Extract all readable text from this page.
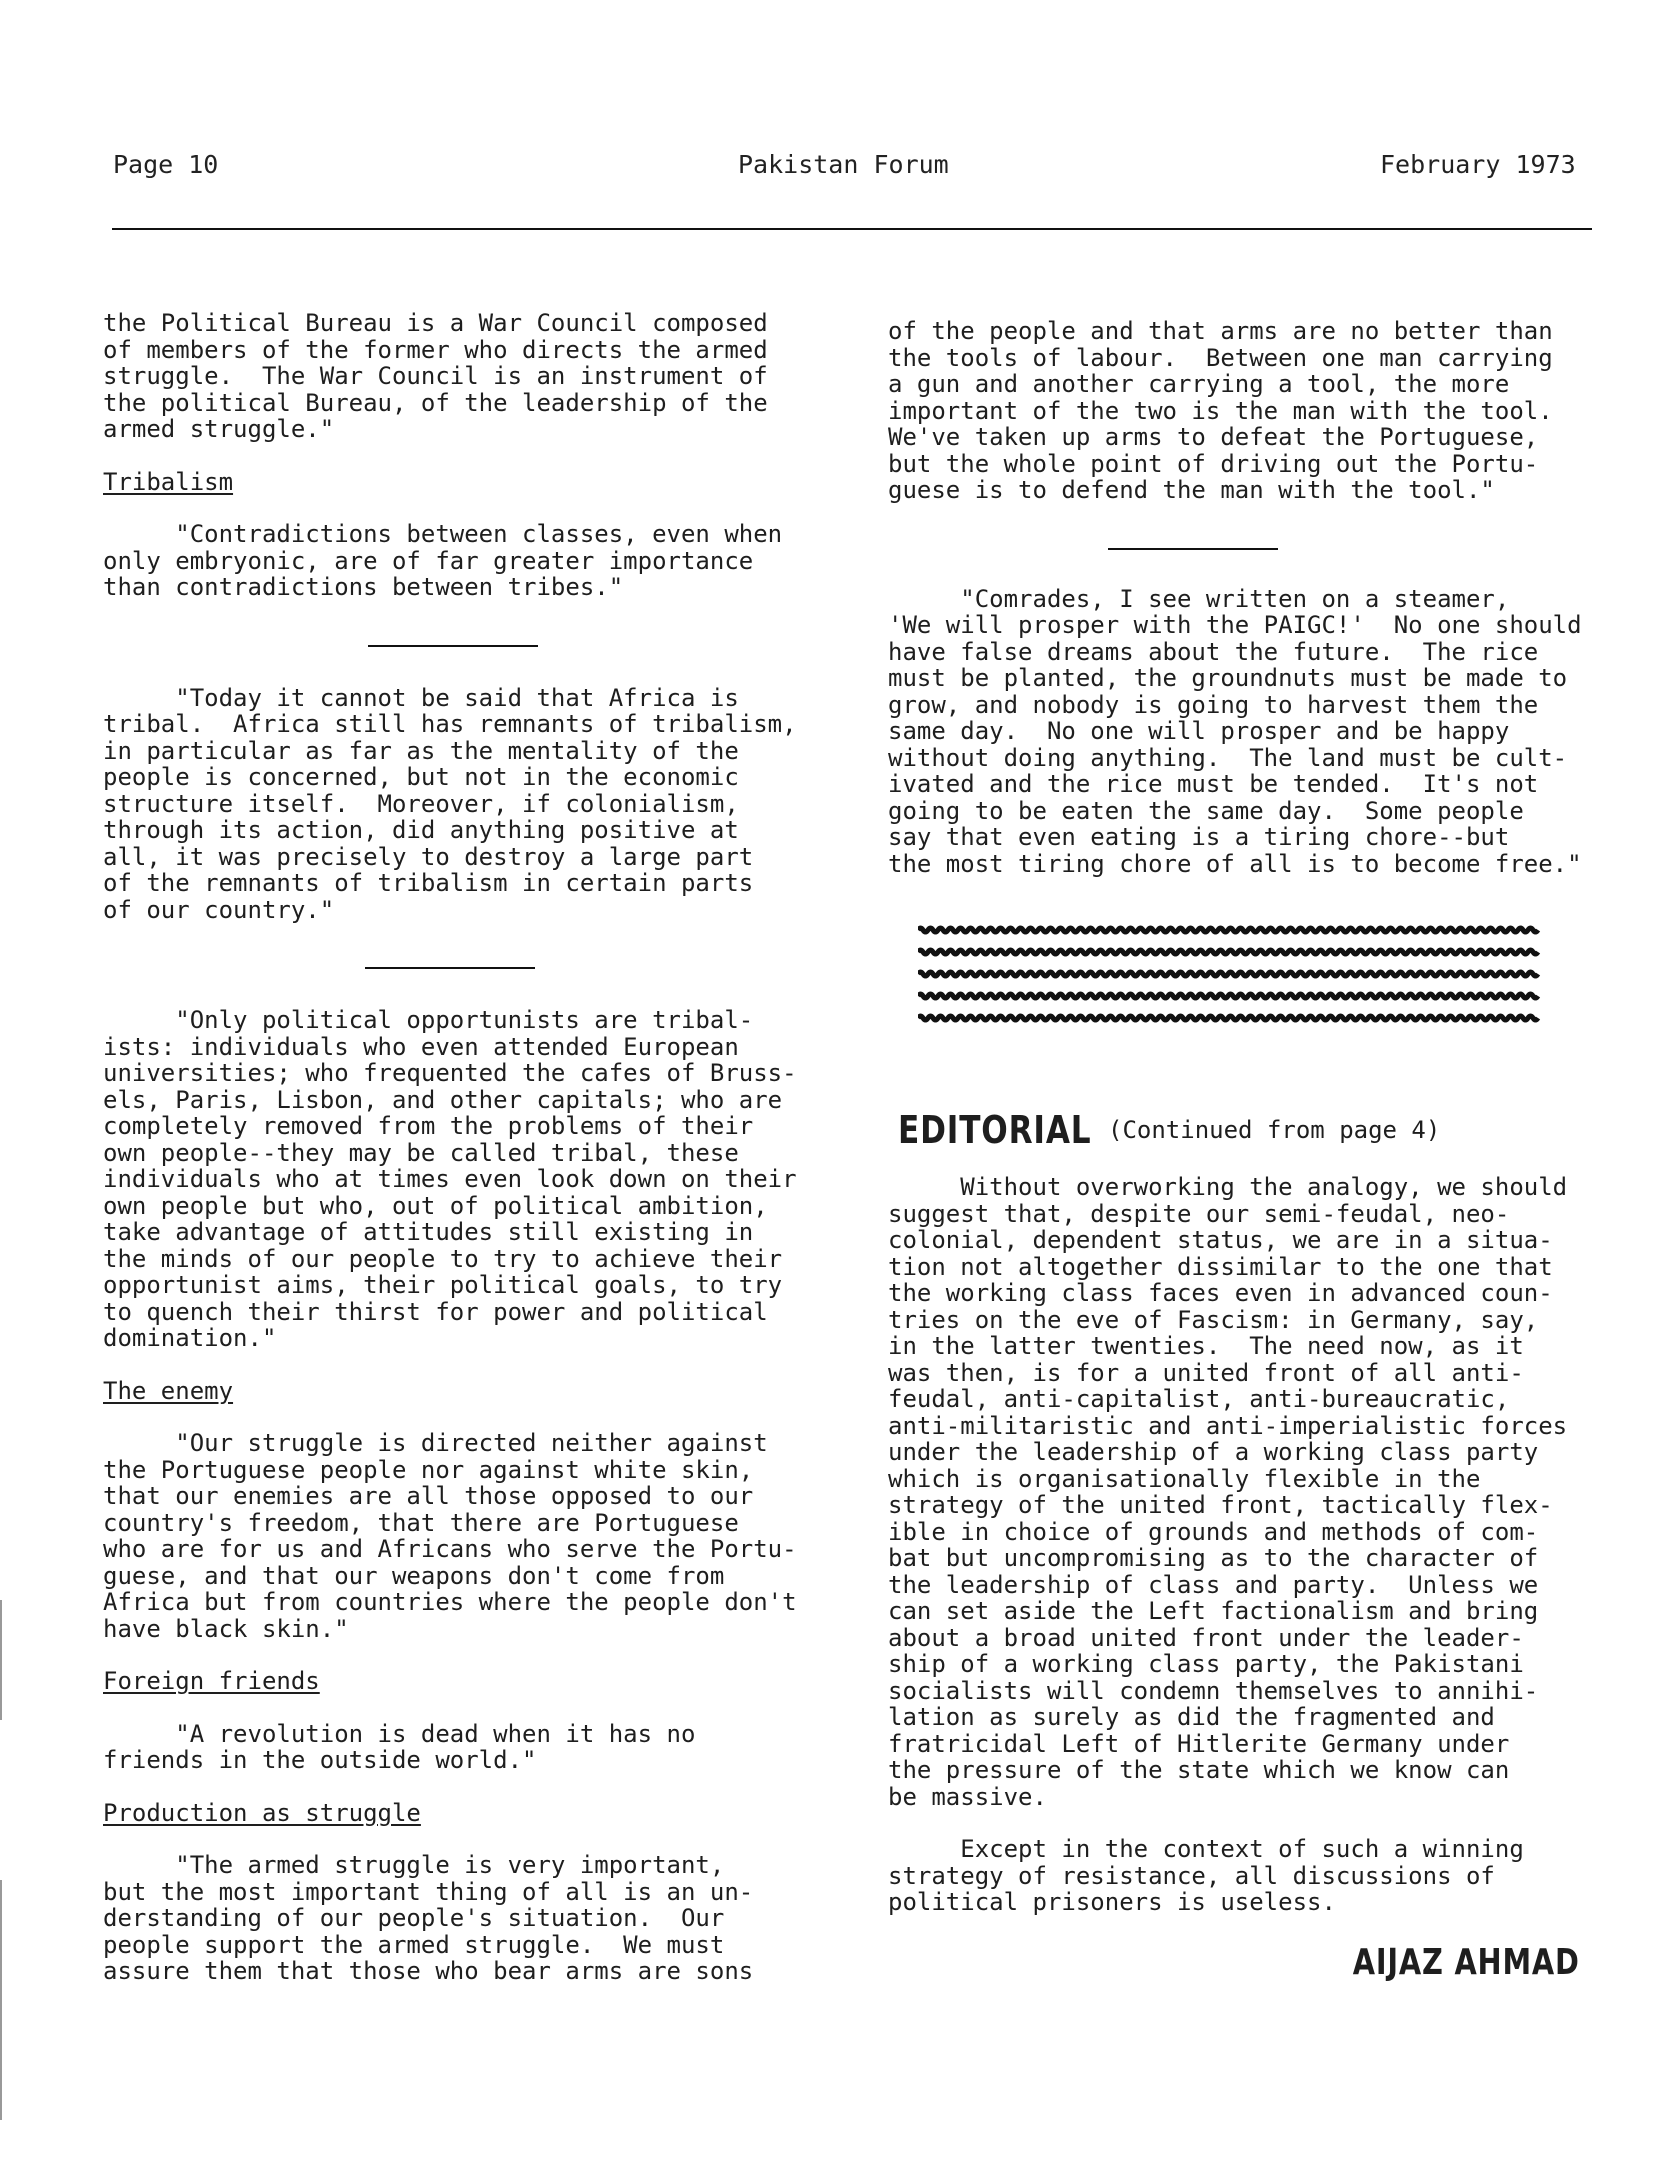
Page 10	Pakistan Forum	February 1973

the Political Bureau is a War Council composed

of members of the former who directs the armed

struggle.  The War Council is an instrument of

the political Bureau, of the leadership of the

armed struggle."

Tribalism

"Contradictions between classes, even when

only embryonic, are of far greater importance

than contradictions between tribes."

"Today it cannot be said that Africa is

tribal.  Africa still has remnants of tribalism,

in particular as far as the mentality of the

people is concerned, but not in the economic

structure itself.  Moreover, if colonialism,

through its action, did anything positive at

all, it was precisely to destroy a large part

of the remnants of tribalism in certain parts

of our country."

"Only political opportunists are tribal-

ists: individuals who even attended European

universities; who frequented the cafes of Bruss-

els, Paris, Lisbon, and other capitals; who are

completely removed from the problems of their

own people--they may be called tribal, these

individuals who at times even look down on their

own people but who, out of political ambition,

take advantage of attitudes still existing in

the minds of our people to try to achieve their

opportunist aims, their political goals, to try

to quench their thirst for power and political

domination."

The enemy

"Our struggle is directed neither against

the Portuguese people nor against white skin,

that our enemies are all those opposed to our

country's freedom, that there are Portuguese

who are for us and Africans who serve the Portu-

guese, and that our weapons don't come from

Africa but from countries where the people don't

have black skin."

Foreign friends

"A revolution is dead when it has no

friends in the outside world."

Production as struggle

"The armed struggle is very important,

but the most important thing of all is an un-

derstanding of our people's situation.  Our

people support the armed struggle.  We must

assure them that those who bear arms are sons

of the people and that arms are no better than

the tools of labour.  Between one man carrying

a gun and another carrying a tool, the more

important of the two is the man with the tool.

We've taken up arms to defeat the Portuguese,

but the whole point of driving out the Portu-

guese is to defend the man with the tool."

"Comrades, I see written on a steamer,

'We will prosper with the PAIGC!'  No one should

have false dreams about the future.  The rice

must be planted, the groundnuts must be made to

grow, and nobody is going to harvest them the

same day.  No one will prosper and be happy

without doing anything.  The land must be cult-

ivated and the rice must be tended.  It's not

going to be eaten the same day.  Some people

say that even eating is a tiring chore--but

the most tiring chore of all is to become free."

EDITORIAL (Continued from page 4)

Without overworking the analogy, we should

suggest that, despite our semi-feudal, neo-

colonial, dependent status, we are in a situa-

tion not altogether dissimilar to the one that

the working class faces even in advanced coun-

tries on the eve of Fascism: in Germany, say,

in the latter twenties.  The need now, as it

was then, is for a united front of all anti-

feudal, anti-capitalist, anti-bureaucratic,

anti-militaristic and anti-imperialistic forces

under the leadership of a working class party

which is organisationally flexible in the

strategy of the united front, tactically flex-

ible in choice of grounds and methods of com-

bat but uncompromising as to the character of

the leadership of class and party.  Unless we

can set aside the Left factionalism and bring

about a broad united front under the leader-

ship of a working class party, the Pakistani

socialists will condemn themselves to annihi-

lation as surely as did the fragmented and

fratricidal Left of Hitlerite Germany under

the pressure of the state which we know can

be massive.

Except in the context of such a winning

strategy of resistance, all discussions of

political prisoners is useless.

AIJAZ AHMAD
